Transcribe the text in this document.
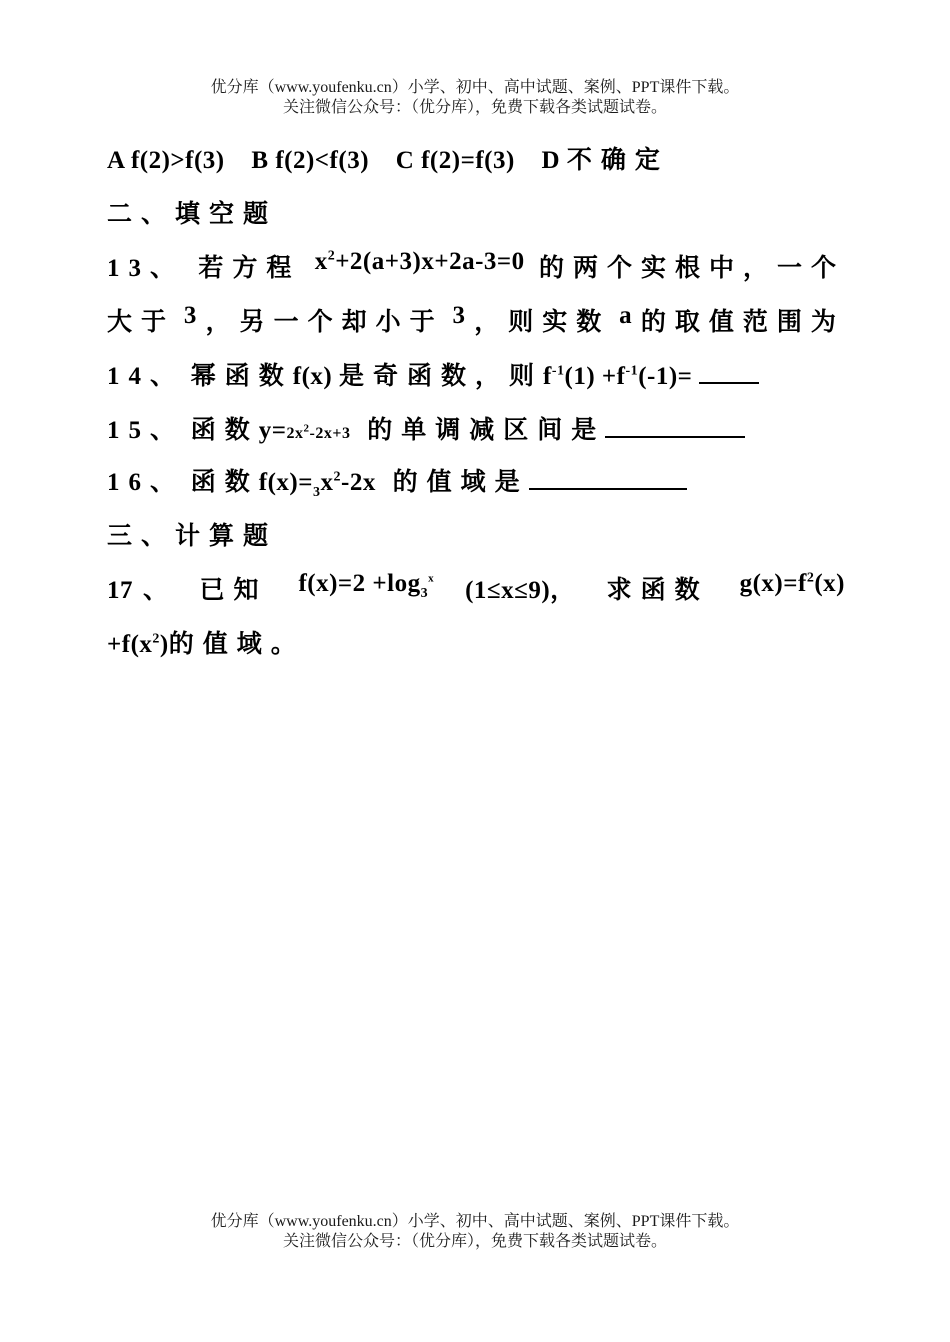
优分库（www.youfenku.cn）小学、初中、高中试题、案例、PPT课件下载。
关注微信公众号：（优分库），免费下载各类试题试卷。
A f(2)>f(3) B f(2)<f(3) C f(2)=f(3) D 不确定
二、填空题
13、 若方程 $x^2+2(a+3)x+2a-3=0$ 的两个实根中，一个
大于 3 ，另一个却小于 3 ，则实数 a 的取值范围为
14、 幂函数f(x) 是奇函数，则$f^{-1}(1) +f^{-1}(-1)=$
15、 函数$y=2x^2-2x+3$ 的单调减区间是
16、 函数$f(x)=_3x^2-2x$ 的值域是
三、计算题
17 、 已知 $f(x)=2 +\log_3^x$ (1≤x≤9)， 求函数 $g(x)=f^2(x)$
$+f(x^2)$的值域。
优分库（www.youfenku.cn）小学、初中、高中试题、案例、PPT课件下载。
关注微信公众号：（优分库），免费下载各类试题试卷。
